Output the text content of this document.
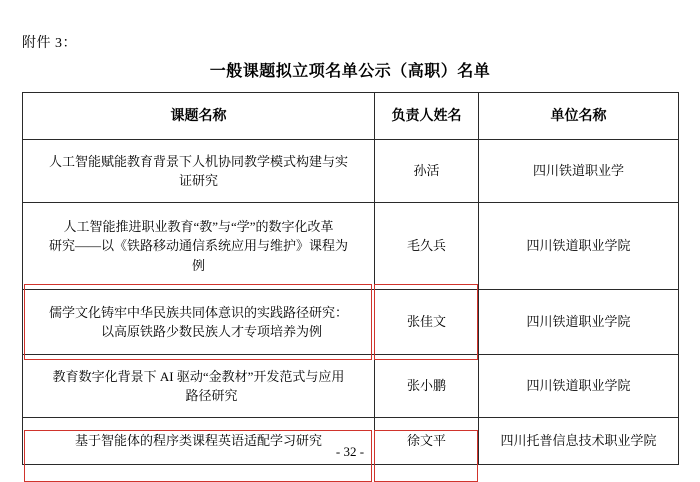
附件 3：
一般课题拟立项名单公示（高职）名单
课题名称	负责人姓名	单位名称

人工智能赋能教育背景下人机协同教学模式构建与实
证研究	孙活	四川铁道职业学

人工智能推进职业教育“教”与“学”的数字化改革
研究——以《铁路移动通信系统应用与维护》课程为
例	毛久兵	四川铁道职业学院

儒学文化铸牢中华民族共同体意识的实践路径研究：
以高原铁路少数民族人才专项培养为例	张佳文	四川铁道职业学院

教育数字化背景下 AI 驱动“金教材”开发范式与应用
路径研究	张小鹏	四川铁道职业学院
基于智能体的程序类课程英语适配学习研究	徐文平	四川托普信息技术职业学院
- 32 -
